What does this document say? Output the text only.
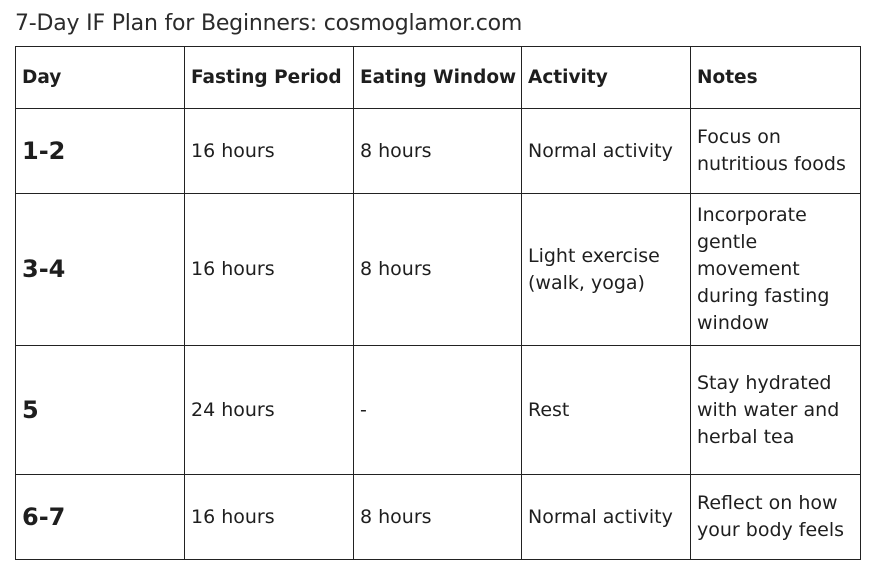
7-Day IF Plan for Beginners: cosmoglamor.com
Day	Fasting Period	Eating Window	Activity	Notes
1-2	16 hours	8 hours	Normal activity	Focus on nutritious foods
3-4	16 hours	8 hours	Light exercise (walk, yoga)	Incorporate gentle movement during fasting window
5	24 hours	-	Rest	Stay hydrated with water and herbal tea
6-7	16 hours	8 hours	Normal activity	Reflect on how your body feels
